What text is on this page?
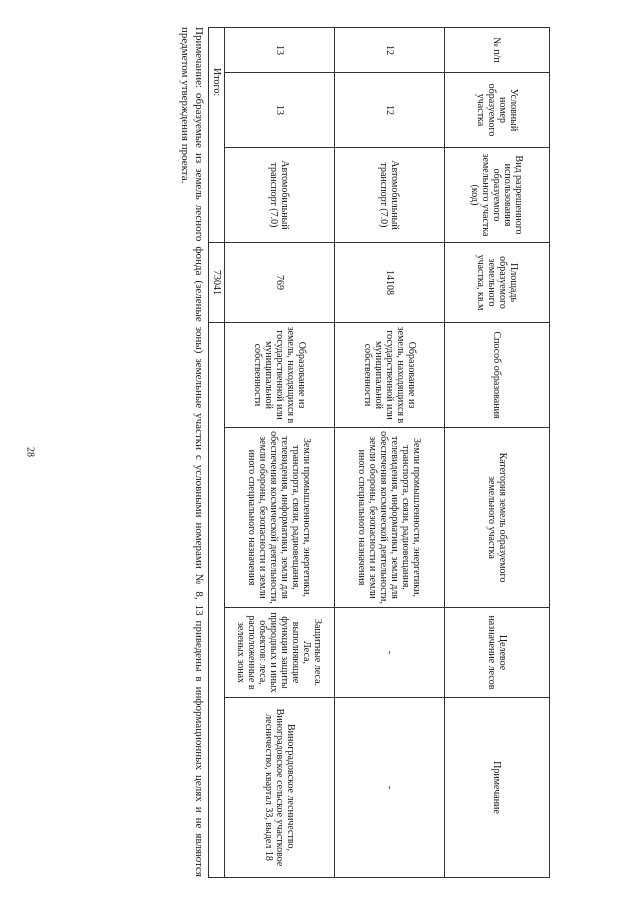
28
№ п/п	Условный номер образуемого участка	Вид разрешенного использования образуемого земельного участка (код)	Площадь образуемого земельного участка, кв.м	Способ образования	Категория земель образуемого земельного участка	Целевое назначение лесов	Примечание
12	12	Автомобильный транспорт (7.0)	14108	Образование из земель, находящихся в государственной или муниципальной собственности	Земли промышленности, энергетики, транспорта, связи, радиовещания, телевидения, информатики, земли для обеспечения космической деятельности, земли обороны, безопасности и земли иного специального назначения	-	-
13	13	Автомобильный транспорт (7.0)	769	Образование из земель, находящихся в государственной или муниципальной собственности	Земли промышленности, энергетики, транспорта, связи, радиовещания, телевидения, информатики, земли для обеспечения космической деятельности, земли обороны, безопасности и земли иного специального назначения	Защитные леса. Леса, выполняющие функции защиты природных и иных объектов: леса, расположенные в зеленых зонах	Виноградовское лесничество, Виноградовское сельское участковое лесничество, квартал 33, выдел 18
Итого:			73041				
Примечание: образуемые из земель лесного фонда (зеленые зоны) земельные участки с условными номерами № 8, 13 приведены в информационных целях и не являются предметом утверждения проекта.
